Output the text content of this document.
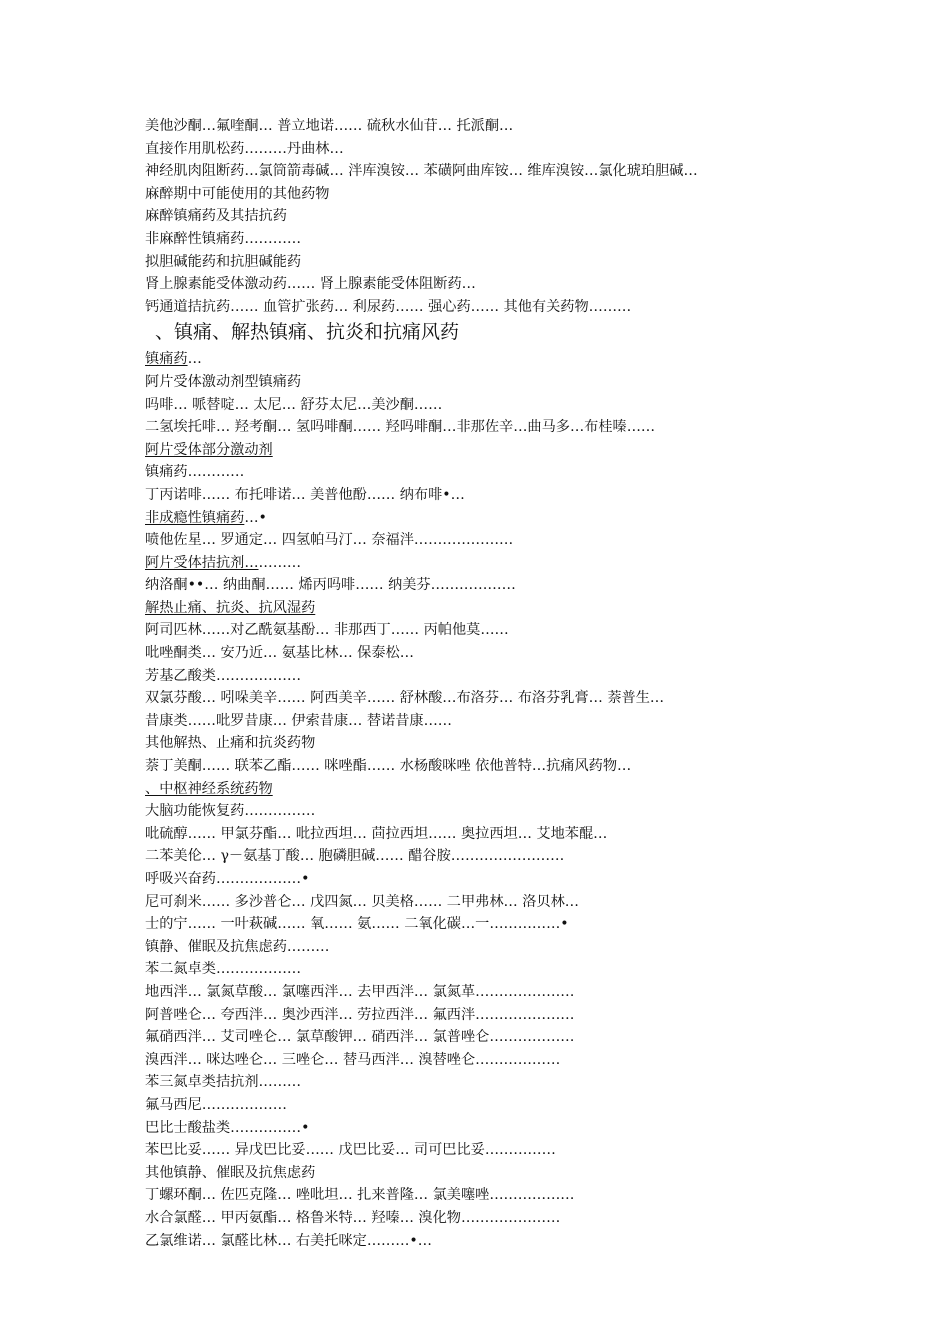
美他沙酮…氟喹酮… 普立地诺…… 硫秋水仙苷… 托派酮…
直接作用肌松药………丹曲林…
神经肌肉阻断药…氯筒箭毒碱… 泮库溴铵… 苯磺阿曲库铵… 维库溴铵…氯化琥珀胆碱…
麻醉期中可能使用的其他药物
麻醉镇痛药及其拮抗药
非麻醉性镇痛药…………
拟胆碱能药和抗胆碱能药
肾上腺素能受体激动药…… 肾上腺素能受体阻断药…
钙通道拮抗药…… 血管扩张药… 利尿药…… 强心药…… 其他有关药物………
、镇痛、解热镇痛、抗炎和抗痛风药
镇痛药…
阿片受体激动剂型镇痛药
吗啡… 哌替啶… 太尼… 舒芬太尼…美沙酮……
二氢埃托啡… 羟考酮… 氢吗啡酮…… 羟吗啡酮…非那佐辛…曲马多…布桂嗪……
阿片受体部分激动剂
镇痛药…………
丁丙诺啡…… 布托啡诺… 美普他酚…… 纳布啡•…
非成瘾性镇痛药…•
喷他佐星… 罗通定… 四氢帕马汀… 奈福泮…………………
阿片受体拮抗剂…………
纳洛酮••… 纳曲酮…… 烯丙吗啡…… 纳美芬………………
解热止痛、抗炎、抗风湿药
阿司匹林……对乙酰氨基酚… 非那西丁…… 丙帕他莫……
吡唑酮类… 安乃近… 氨基比林… 保泰松…
芳基乙酸类………………
双氯芬酸… 吲哚美辛…… 阿西美辛…… 舒林酸…布洛芬… 布洛芬乳膏… 萘普生…
昔康类……吡罗昔康… 伊索昔康… 替诺昔康……
其他解热、止痛和抗炎药物
萘丁美酮…… 联苯乙酯…… 咪唑酯…… 水杨酸咪唑 依他普特…抗痛风药物…
、中枢神经系统药物
大脑功能恢复药……………
吡硫醇…… 甲氯芬酯… 吡拉西坦… 茴拉西坦…… 奥拉西坦… 艾地苯醌…
二苯美伦… γ－氨基丁酸… 胞磷胆碱…… 醋谷胺……………………
呼吸兴奋药………………•
尼可刹米…… 多沙普仑… 戊四氮… 贝美格…… 二甲弗林… 洛贝林…
士的宁…… 一叶萩碱…… 氧…… 氨…… 二氧化碳…一……………•
镇静、催眠及抗焦虑药………
苯二氮卓类………………
地西泮… 氯氮草酸… 氯噻西泮… 去甲西泮… 氯氮革…………………
阿普唑仑… 夸西泮… 奥沙西泮… 劳拉西泮… 氟西泮…………………
氟硝西泮… 艾司唑仑… 氯草酸钾… 硝西泮… 氯普唑仑………………
溴西泮… 咪达唑仑… 三唑仑… 替马西泮… 溴替唑仑………………
苯三氮卓类拮抗剂………
氟马西尼………………
巴比士酸盐类……………•
苯巴比妥…… 异戊巴比妥…… 戊巴比妥… 司可巴比妥……………
其他镇静、催眠及抗焦虑药
丁螺环酮… 佐匹克隆… 唑吡坦… 扎来普隆… 氯美噻唑………………
水合氯醛… 甲丙氨酯… 格鲁米特… 羟嗪… 溴化物…………………
乙氯维诺… 氯醛比林… 右美托咪定………•…
